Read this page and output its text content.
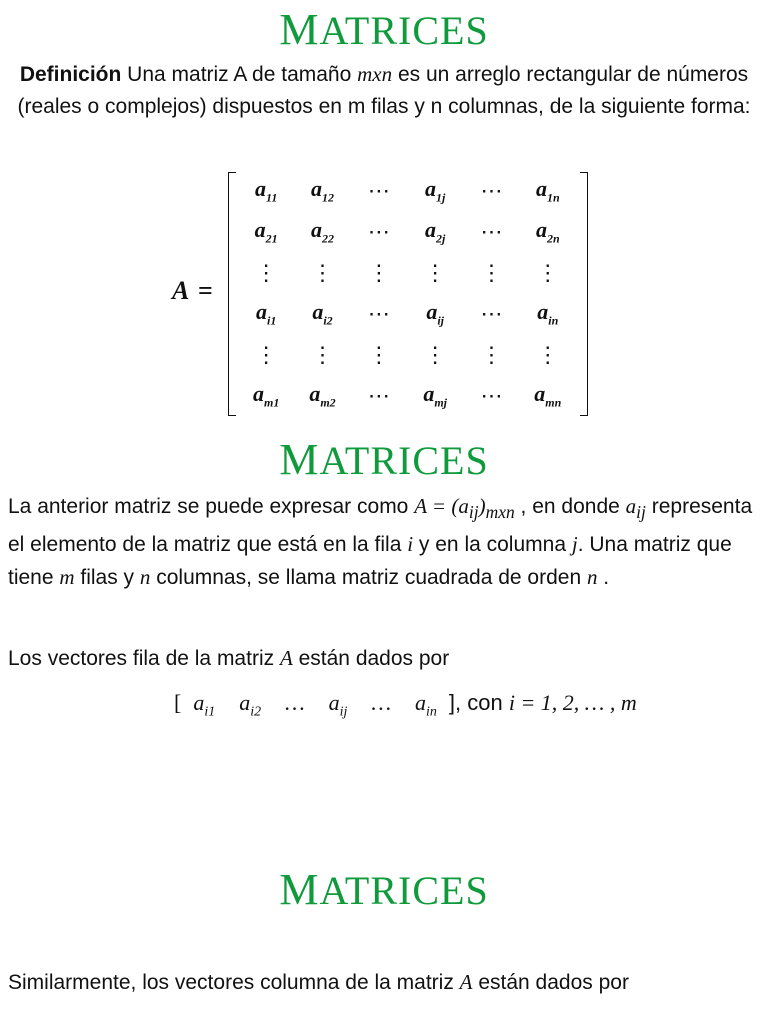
MATRICES
Definición Una matriz A de tamaño mxn es un arreglo rectangular de números (reales o complejos) dispuestos en m filas y n columnas, de la siguiente forma:
A =
$a_{11}$	$a_{12}$	⋯	$a_{1j}$	⋯	$a_{1n}$
$a_{21}$	$a_{22}$	⋯	$a_{2j}$	⋯	$a_{2n}$
⋮	⋮	⋮	⋮	⋮	⋮
$a_{i1}$	$a_{i2}$	⋯	$a_{ij}$	⋯	$a_{in}$
⋮	⋮	⋮	⋮	⋮	⋮
$a_{m1}$	$a_{m2}$	⋯	$a_{mj}$	⋯	$a_{mn}$
MATRICES
La anterior matriz se puede expresar como $A = (a_{ij})_{mxn}$ , en donde $a_{ij}$ representa el elemento de la matriz que está en la fila i y en la columna j. Una matriz que tiene m filas y n columnas, se llama matriz cuadrada de orden n .
Los vectores fila de la matriz A están dados por
[ $a_{i1}$ $a_{i2}$ … $a_{ij}$ … $a_{in}$ ], con i = 1, 2, … , m
MATRICES
Similarmente, los vectores columna de la matriz A están dados por
